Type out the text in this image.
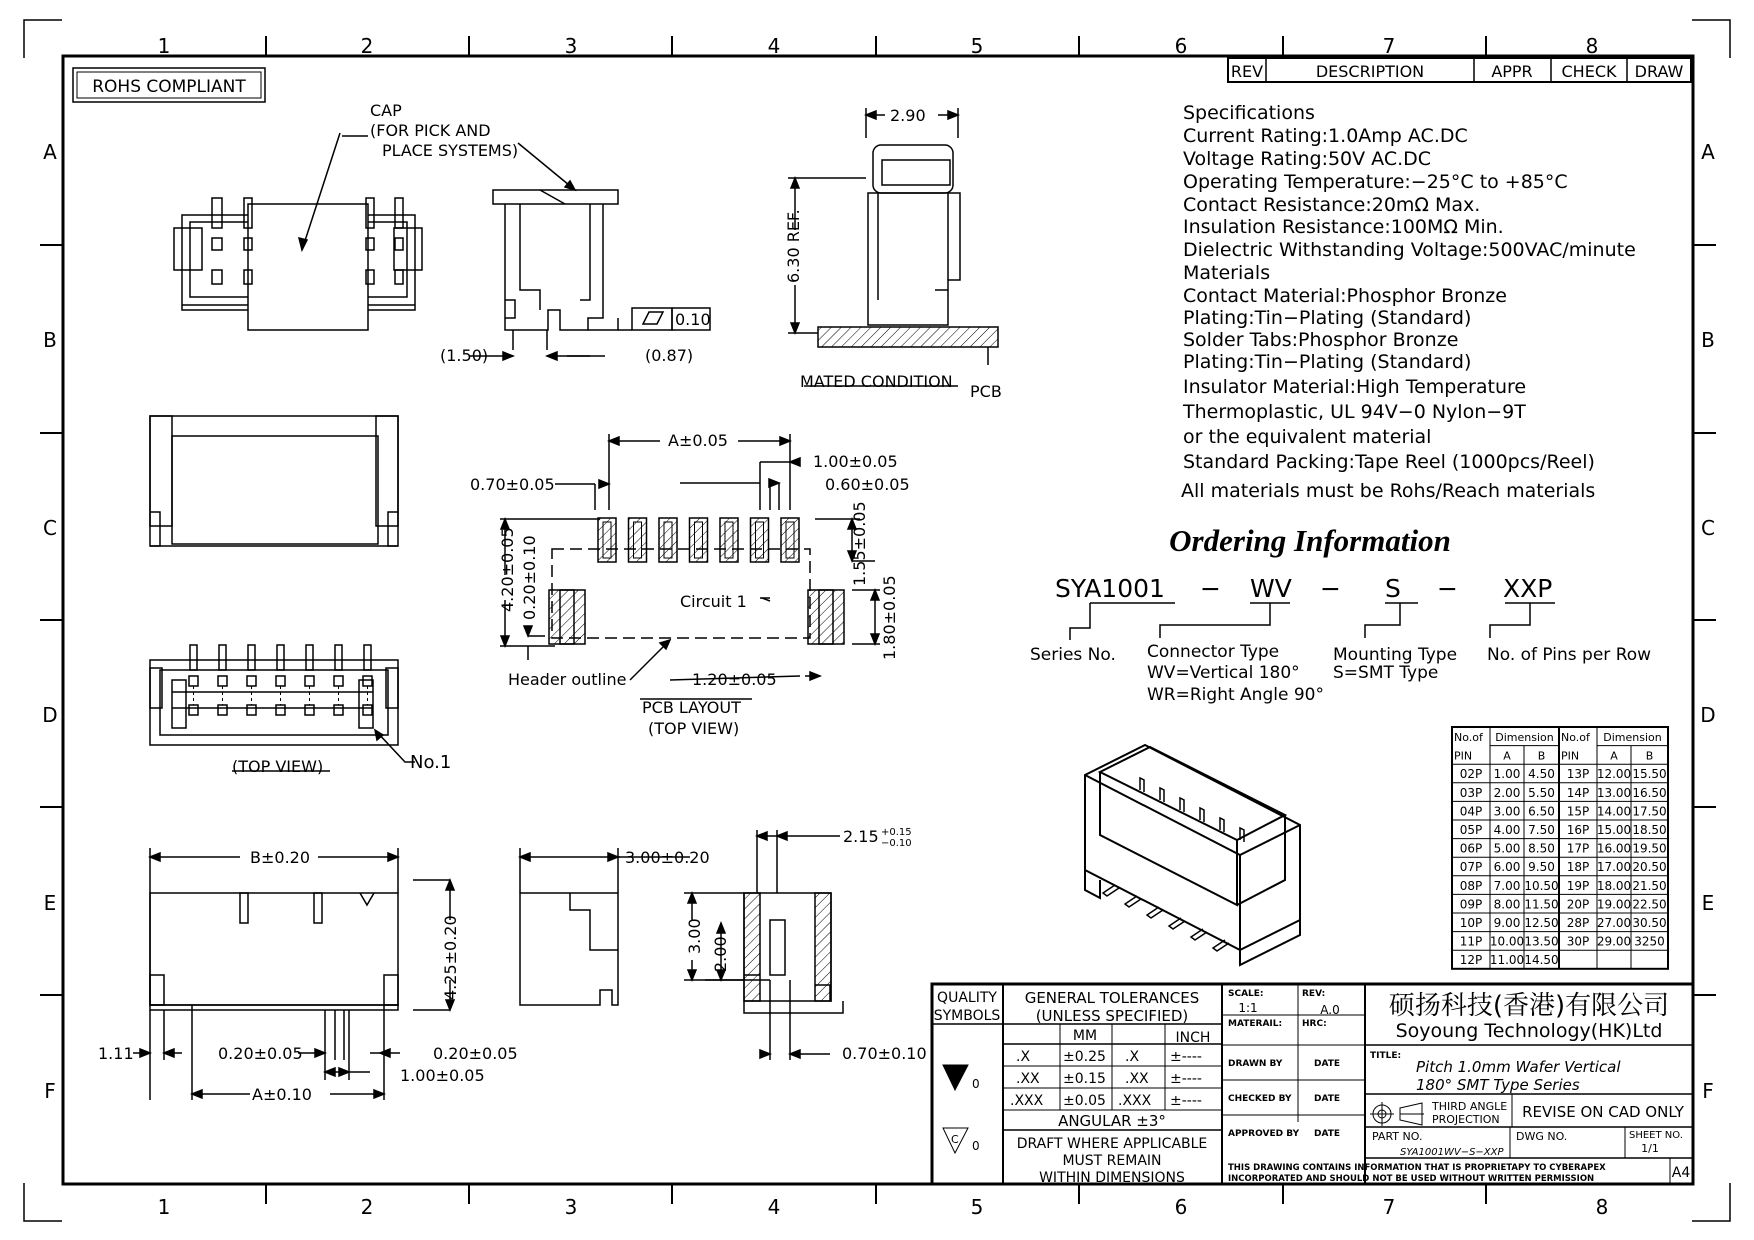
1	2	3	4	5	6	7	8
1	2	3	4	5	6	7	8
A
B
C
D
E
F
A
B
C
D
E
F
ROHS COMPLIANT
REV	DESCRIPTION	APPR CHECK DRAW
Specifications
Current Rating:1.0Amp AC.DC
Voltage Rating:50V AC.DC
Operating Temperature:−25°C to +85°C
Contact Resistance:20mΩ Max.
Insulation Resistance:100MΩ Min.
Dielectric Withstanding Voltage:500VAC/minute
Materials
Contact Material:Phosphor Bronze
Plating:Tin−Plating (Standard)
Solder Tabs:Phosphor Bronze
Plating:Tin−Plating (Standard)
Insulator Material:High Temperature
Thermoplastic, UL 94V−0 Nylon−9T
or the equivalent material
Standard Packing:Tape Reel (1000pcs/Reel)
All materials must be Rohs/Reach materials
Ordering Information
SYA1001 − WV − S − XXP
Series No. Connector Type
WV=Vertical 180°
WR=Right Angle 90°
Mounting Type
S=SMT Type
No. of Pins per Row
No.of
PIN
Dimension
A B
02P 1.00 4.50
03P 2.00 5.50
04P 3.00 6.50
05P 4.00 7.50
06P 5.00 8.50
07P 6.00 9.50
08P 7.00 10.50
09P 8.00 11.50
10P 9.00 12.50
11P 10.00 13.50
12P 11.00 14.50
No.of
PIN
Dimension
A	B
13P 12.00 15.50
14P 13.00 16.50
15P 14.00 17.50
16P 15.00 18.50
17P 16.00 19.50
18P 17.00 20.50
19P 18.00 21.50
20P 19.00 22.50
28P 27.00 30.50
30P 29.00 3250
CAP
(FOR PICK AND
PLACE SYSTEMS)
2.90
6.30 REF.
(1.50)	(0.87)
0.10
MATED CONDITION
PCB
A±0.05
1.00±0.05
0.70±0.05	0.60±0.05
4.20±0.05 0.20±0.10	1.55±0.05
1.80±0.05
Circuit 1
Header outline	1.20±0.05
PCB LAYOUT
(TOP VIEW)
(TOP VIEW)	No.1
B±0.20
4.25±0.20
1.11	0.20±0.05	0.20±0.05
1.00±0.05
A±0.10
3.00±0.20
2.15 +0.15
−0.10
3.00
2.00
0.70±0.10
QUALITY
SYMBOLS
GENERAL TOLERANCES
(UNLESS SPECIFIED)
MM	INCH
.X ±0.25 .X ±----
.XX ±0.15 .XX ±----
.XXX ±0.05 .XXX ±----
ANGULAR ±3°
DRAFT WHERE APPLICABLE
MUST REMAIN
WITHIN DIMENSIONS
0
0
C
SCALE:	REV:
MATERAIL: HRC:
DRAWN BY	DATE
CHECKED BY DATE
APPROVED BY DATE
TITLE:
THIS DRAWING CONTAINS INFORMATION THAT IS PROPRIETAPY TO CYBERAPEX
INCORPORATED AND SHOULD NOT BE USED WITHOUT WRITTEN PERMISSION
1:1	A.0 硕扬科技(香港)有限公司
Soyoung Technology(HK)Ltd
Pitch 1.0mm Wafer Vertical
180° SMT Type Series
THIRD ANGLE
PROJECTION REVISE ON CAD ONLY
PART NO.
SYA1001WV−S−XXP
DWG NO.	SHEET NO.
1/1
A4
